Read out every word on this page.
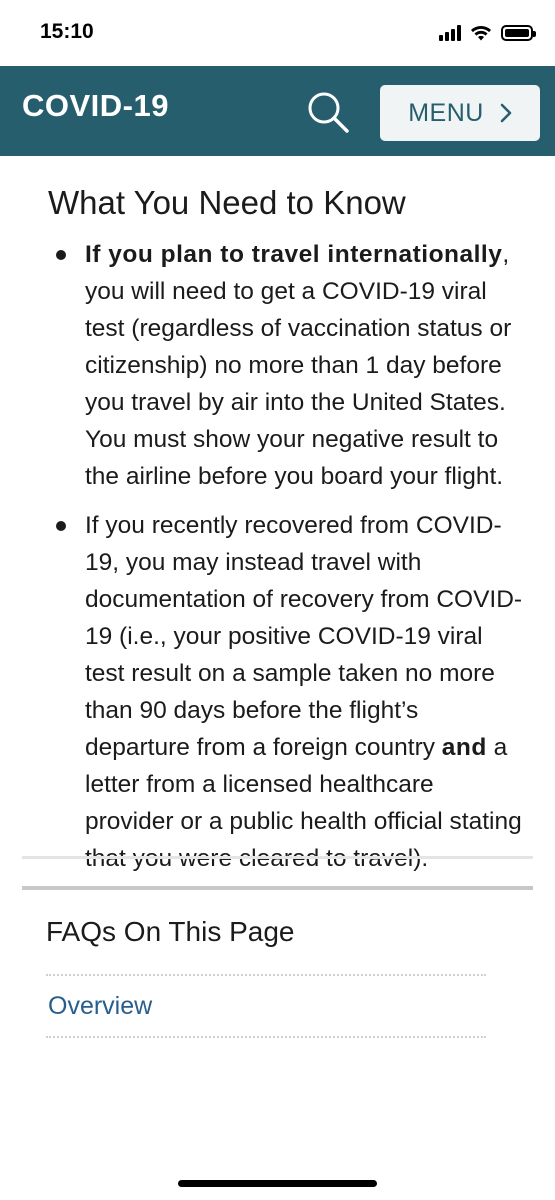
15:10
COVID-19	MENU
What You Need to Know
If you plan to travel internationally, you will need to get a COVID-19 viral test (regardless of vaccination status or citizenship) no more than 1 day before you travel by air into the United States. You must show your negative result to the airline before you board your flight.
If you recently recovered from COVID-19, you may instead travel with documentation of recovery from COVID-19 (i.e., your positive COVID-19 viral test result on a sample taken no more than 90 days before the flight’s departure from a foreign country and a letter from a licensed healthcare provider or a public health official stating
FAQs On This Page
Overview
